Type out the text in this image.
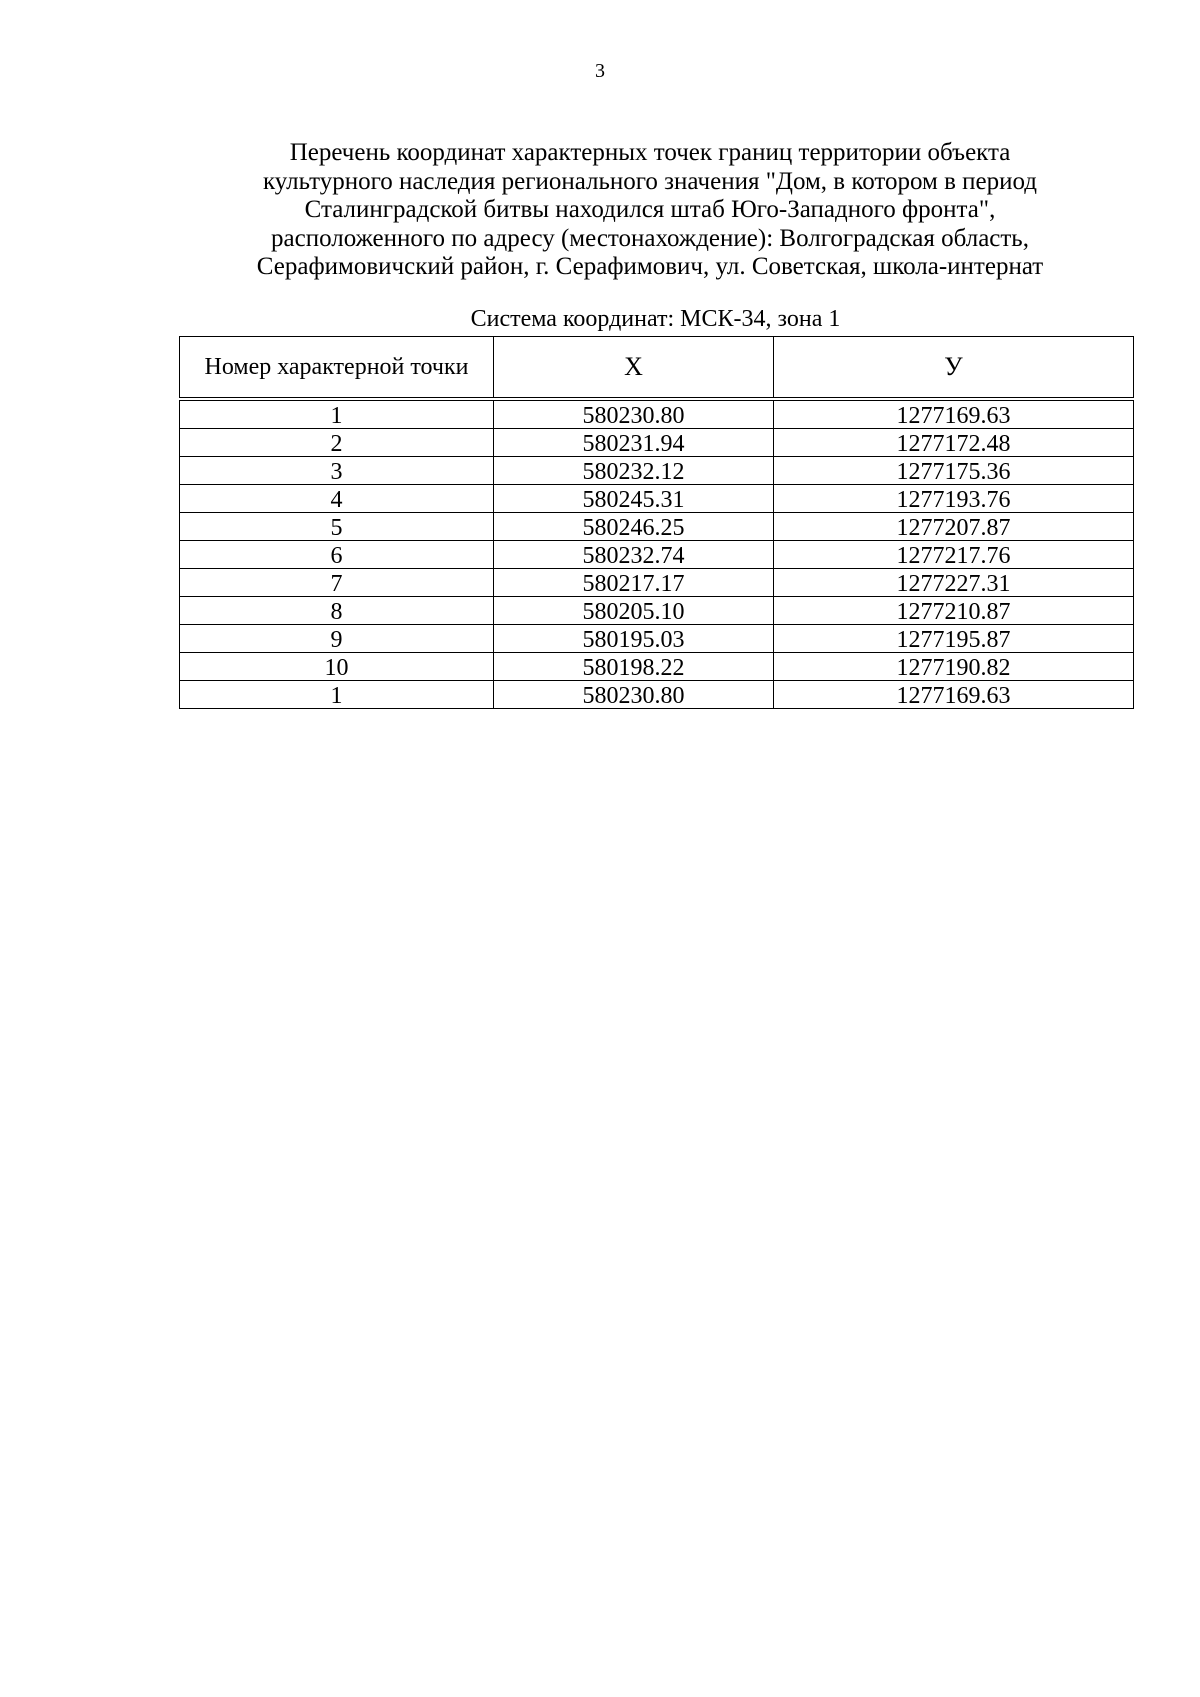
3
Перечень координат характерных точек границ территории объекта
культурного наследия регионального значения "Дом, в котором в период
Сталинградской битвы находился штаб Юго-Западного фронта",
расположенного по адресу (местонахождение): Волгоградская область,
Серафимовичский район, г. Серафимович, ул. Советская, школа-интернат
Система координат: МСК-34, зона 1
Номер характерной точки	X	У
1	580230.80	1277169.63
2	580231.94	1277172.48
3	580232.12	1277175.36
4	580245.31	1277193.76
5	580246.25	1277207.87
6	580232.74	1277217.76
7	580217.17	1277227.31
8	580205.10	1277210.87
9	580195.03	1277195.87
10	580198.22	1277190.82
1	580230.80	1277169.63
